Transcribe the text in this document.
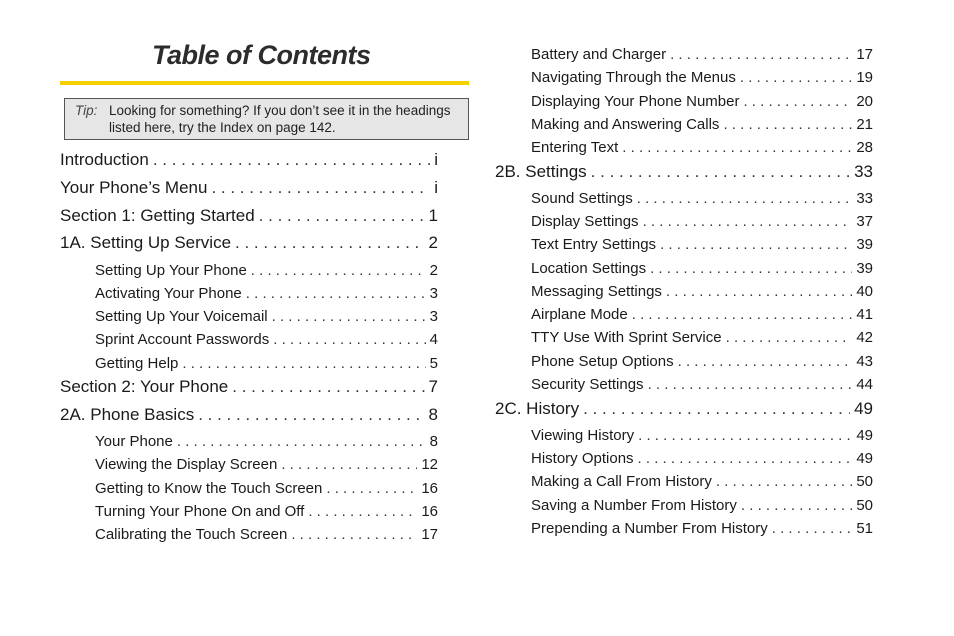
Table of Contents
Tip: Looking for something? If you don’t see it in the headings listed here, try the Index on page 142.
Introduction . . .	i
Your Phone’s Menu . . .	i
Section 1: Getting Started . . .	1
1A. Setting Up Service . . .	2
Setting Up Your Phone . . .	2
Activating Your Phone . . .	3
Setting Up Your Voicemail . . .	3
Sprint Account Passwords . . .	4
Getting Help . . .	5
Section 2: Your Phone . . .	7
2A. Phone Basics . . .	8
Your Phone . . .	8
Viewing the Display Screen . . .	12
Getting to Know the Touch Screen . . .	16
Turning Your Phone On and Off . . .	16
Calibrating the Touch Screen . . .	17
Battery and Charger . . .	17
Navigating Through the Menus . . .	19
Displaying Your Phone Number . . .	20
Making and Answering Calls . . .	21
Entering Text . . .	28
2B. Settings . . .	33
Sound Settings . . .	33
Display Settings . . .	37
Text Entry Settings . . .	39
Location Settings . . .	39
Messaging Settings . . .	40
Airplane Mode . . .	41
TTY Use With Sprint Service . . .	42
Phone Setup Options . . .	43
Security Settings . . .	44
2C. History . . .	49
Viewing History . . .	49
History Options . . .	49
Making a Call From History . . .	50
Saving a Number From History . . .	50
Prepending a Number From History . . .	51
